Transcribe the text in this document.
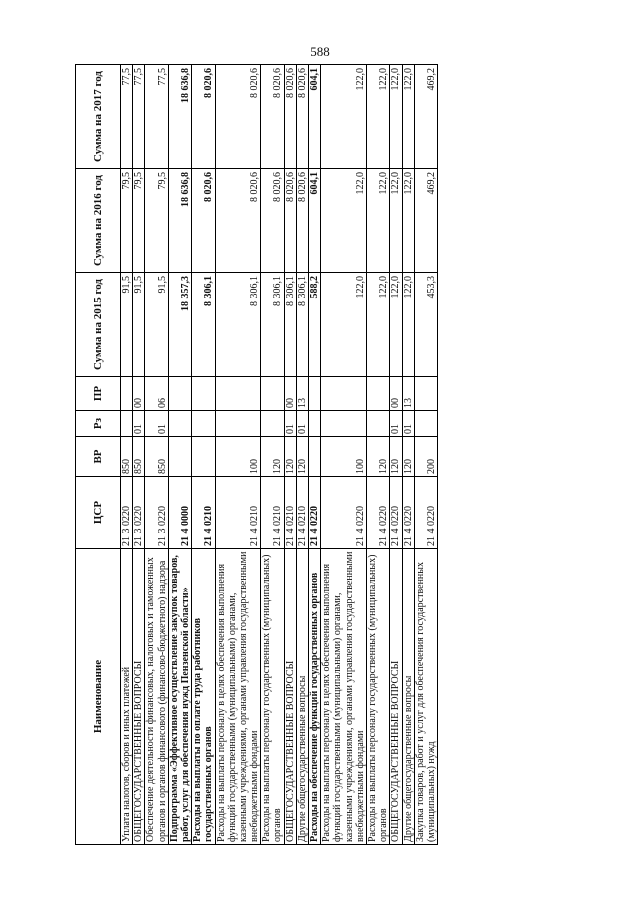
588
Наименование	ЦСР	ВР	Рз	ПР	Сумма на 2015 год	Сумма на 2016 год	Сумма на 2017 год
Уплата налогов, сборов и иных платежей	21 3 0220	850			91,5	79,5	77,5
ОБЩЕГОСУДАРСТВЕННЫЕ ВОПРОСЫ	21 3 0220	850	01	00	91,5	79,5	77,5
Обеспечение деятельности финансовых, налоговых и таможенных органов и органов финансового (финансово-бюджетного) надзора	21 3 0220	850	01	06	91,5	79,5	77,5
Подпрограмма «Эффективное осуществление закупок товаров, работ, услуг для обеспечения нужд Пензенской области»	21 4 0000				18 357,3	18 636,8	18 636,8
Расходы на выплаты по оплате труда работников государственных органов	21 4 0210				8 306,1	8 020,6	8 020,6
Расходы на выплаты персоналу в целях обеспечения выполнения функций государственными (муниципальными) органами, казенными учреждениями, органами управления государственными внебюджетными фондами	21 4 0210	100			8 306,1	8 020,6	8 020,6
Расходы на выплаты персоналу государственных (муниципальных) органов	21 4 0210	120			8 306,1	8 020,6	8 020,6
ОБЩЕГОСУДАРСТВЕННЫЕ ВОПРОСЫ	21 4 0210	120	01	00	8 306,1	8 020,6	8 020,6
Другие общегосударственные вопросы	21 4 0210	120	01	13	8 306,1	8 020,6	8 020,6
Расходы на обеспечение функций государственных органов	21 4 0220				588,2	604,1	604,1
Расходы на выплаты персоналу в целях обеспечения выполнения функций государственными (муниципальными) органами, казенными учреждениями, органами управления государственными внебюджетными фондами	21 4 0220	100			122,0	122,0	122,0
Расходы на выплаты персоналу государственных (муниципальных) органов	21 4 0220	120			122,0	122,0	122,0
ОБЩЕГОСУДАРСТВЕННЫЕ ВОПРОСЫ	21 4 0220	120	01	00	122,0	122,0	122,0
Другие общегосударственные вопросы	21 4 0220	120	01	13	122,0	122,0	122,0
Закупка товаров, работ и услуг для обеспечения государственных (муниципальных) нужд	21 4 0220	200			453,3	469,2	469,2
